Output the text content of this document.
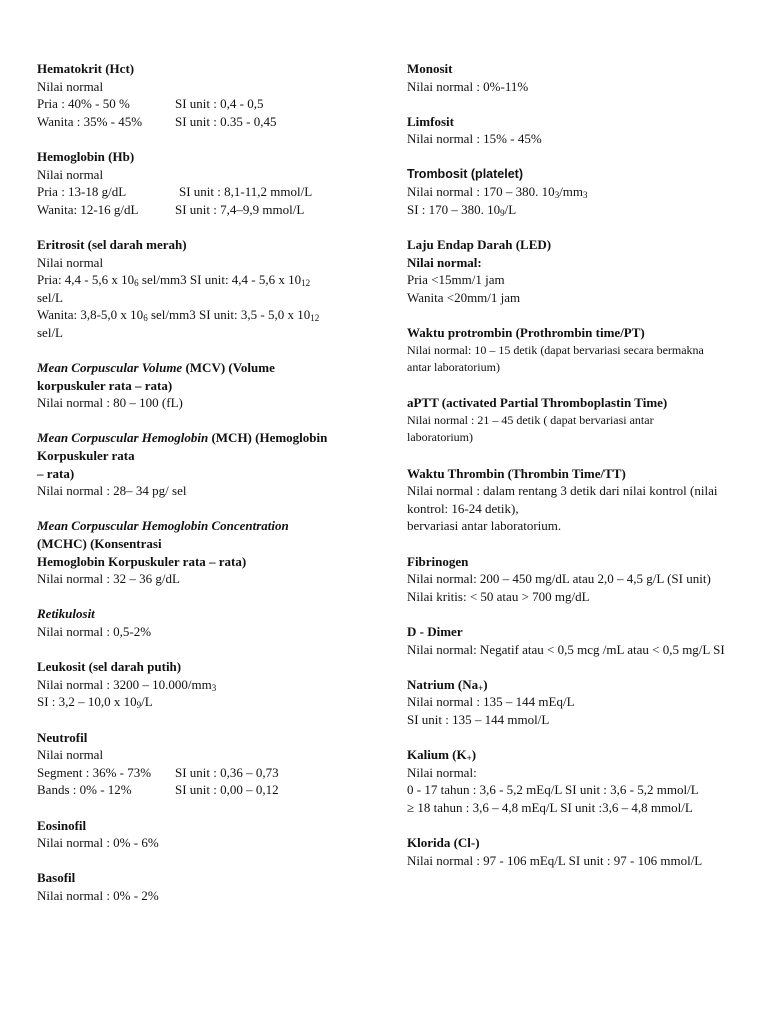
Hematokrit (Hct)
Nilai normal
Pria : 40% - 50 %	SI unit : 0,4 - 0,5
Wanita : 35% - 45%	SI unit : 0.35 - 0,45
Hemoglobin (Hb)
Nilai normal
Pria : 13-18 g/dL	SI unit : 8,1-11,2 mmol/L
Wanita: 12-16 g/dL	SI unit : 7,4–9,9 mmol/L
Eritrosit (sel darah merah)
Nilai normal
Pria: 4,4 - 5,6 x $10_6$ sel/mm3 SI unit: 4,4 - 5,6 x $10_{12}$
sel/L
Wanita: 3,8-5,0 x $10_6$ sel/mm3 SI unit: 3,5 - 5,0 x $10_{12}$
sel/L
Mean Corpuscular Volume (MCV) (Volume
korpuskuler rata – rata)
Nilai normal : 80 – 100 (fL)
Mean Corpuscular Hemoglobin (MCH) (Hemoglobin
Korpuskuler rata
– rata)
Nilai normal : 28– 34 pg/ sel
Mean Corpuscular Hemoglobin Concentration
(MCHC) (Konsentrasi
Hemoglobin Korpuskuler rata – rata)
Nilai normal : 32 – 36 g/dL
Retikulosit
Nilai normal : 0,5-2%
Leukosit (sel darah putih)
Nilai normal : $3200 - 10.000/mm_3$
SI : 3,2 – 10,0 x $10_9/L$
Neutrofil
Nilai normal
Segment : 36% - 73% SI unit : 0,36 – 0,73
Bands : 0% - 12%	SI unit : 0,00 – 0,12
Eosinofil
Nilai normal : 0% - 6%
Basofil
Nilai normal : 0% - 2%
Monosit
Nilai normal : 0%-11%
Limfosit
Nilai normal : 15% - 45%
Trombosit (platelet)
Nilai normal : 170 – 380. $10_3/mm_3$
SI : 170 – 380. $10_9/L$
Laju Endap Darah (LED)
Nilai normal:
Pria <15mm/1 jam
Wanita <20mm/1 jam
Waktu protrombin (Prothrombin time/PT)
Nilai normal: 10 – 15 detik (dapat bervariasi secara bermakna antar laboratorium)
aPTT (activated Partial Thromboplastin Time)
Nilai normal : 21 – 45 detik ( dapat bervariasi antar laboratorium)
Waktu Thrombin (Thrombin Time/TT)
Nilai normal : dalam rentang 3 detik dari nilai kontrol (nilai kontrol: 16-24 detik),
bervariasi antar laboratorium.
Fibrinogen
Nilai normal: 200 – 450 mg/dL atau 2,0 – 4,5 g/L (SI unit)
Nilai kritis: < 50 atau > 700 mg/dL
D - Dimer
Nilai normal: Negatif atau < 0,5 mcg /mL atau < 0,5 mg/L SI
Natrium $(Na_+)$
Nilai normal : 135 – 144 mEq/L
SI unit : 135 – 144 mmol/L
Kalium $(K_+)$
Nilai normal:
0 - 17 tahun : 3,6 - 5,2 mEq/L SI unit : 3,6 - 5,2 mmol/L
≥ 18 tahun : 3,6 – 4,8 mEq/L SI unit :3,6 – 4,8 mmol/L
Klorida (Cl-)
Nilai normal : 97 - 106 mEq/L SI unit : 97 - 106 mmol/L
